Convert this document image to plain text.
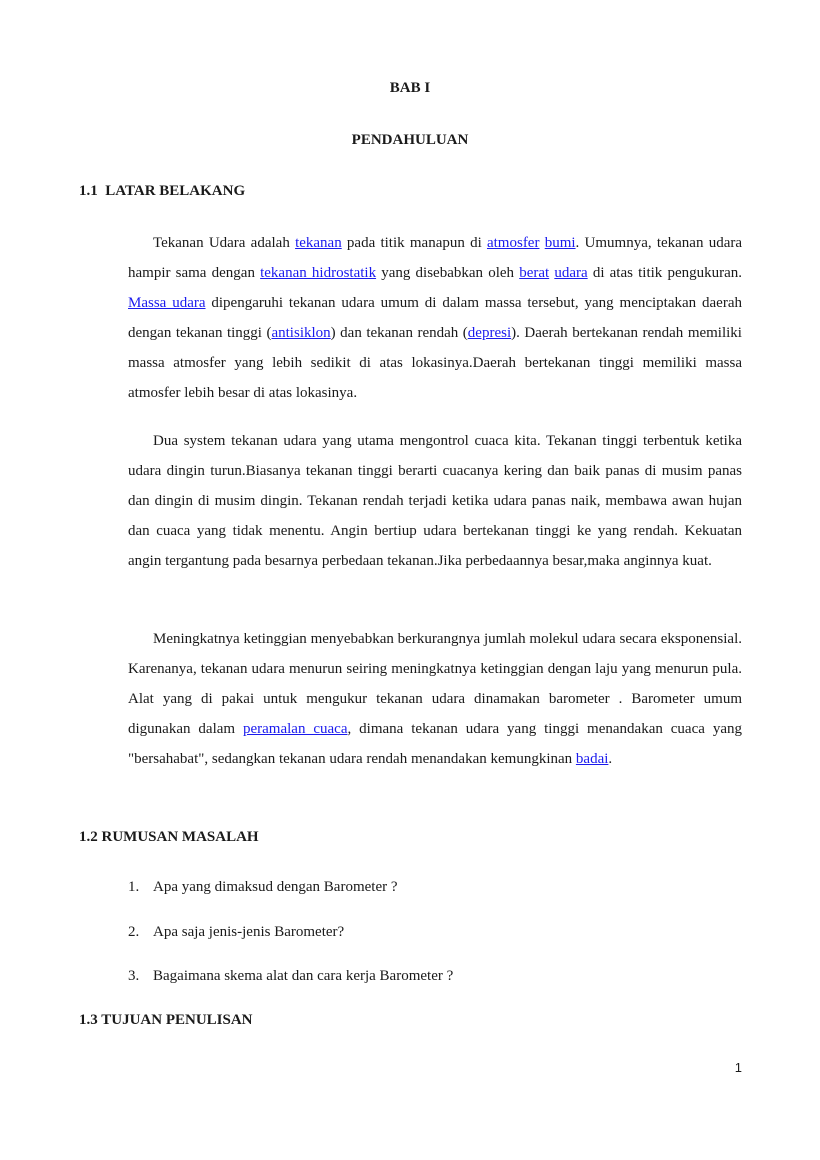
BAB I
PENDAHULUAN
1.1  LATAR BELAKANG

Tekanan Udara adalah tekanan pada titik manapun di atmosfer bumi. Umumnya, tekanan udara hampir sama dengan tekanan hidrostatik yang disebabkan oleh berat udara di atas titik pengukuran. Massa udara dipengaruhi tekanan udara umum di dalam massa tersebut, yang menciptakan daerah dengan tekanan tinggi (antisiklon) dan tekanan rendah (depresi). Daerah bertekanan rendah memiliki massa atmosfer yang lebih sedikit di atas lokasinya.Daerah bertekanan tinggi memiliki massa atmosfer lebih besar di atas lokasinya.

Dua system tekanan udara yang utama mengontrol cuaca kita. Tekanan tinggi terbentuk ketika udara dingin turun.Biasanya tekanan tinggi berarti cuacanya kering dan baik panas di musim panas dan dingin di musim dingin. Tekanan rendah terjadi ketika udara panas naik, membawa awan hujan dan cuaca yang tidak menentu. Angin bertiup udara bertekanan tinggi ke yang rendah. Kekuatan angin tergantung pada besarnya perbedaan tekanan.Jika perbedaannya besar,maka anginnya kuat.

Meningkatnya ketinggian menyebabkan berkurangnya jumlah molekul udara secara eksponensial. Karenanya, tekanan udara menurun seiring meningkatnya ketinggian dengan laju yang menurun pula. Alat yang di pakai untuk mengukur tekanan udara dinamakan barometer . Barometer umum digunakan dalam peramalan cuaca, dimana tekanan udara yang tinggi menandakan cuaca yang "bersahabat", sedangkan tekanan udara rendah menandakan kemungkinan badai.

1.2 RUMUSAN MASALAH

1. Apa yang dimaksud dengan Barometer ?

2. Apa saja jenis-jenis Barometer?

3. Bagaimana skema alat dan cara kerja Barometer ?

1.3 TUJUAN PENULISAN

1
